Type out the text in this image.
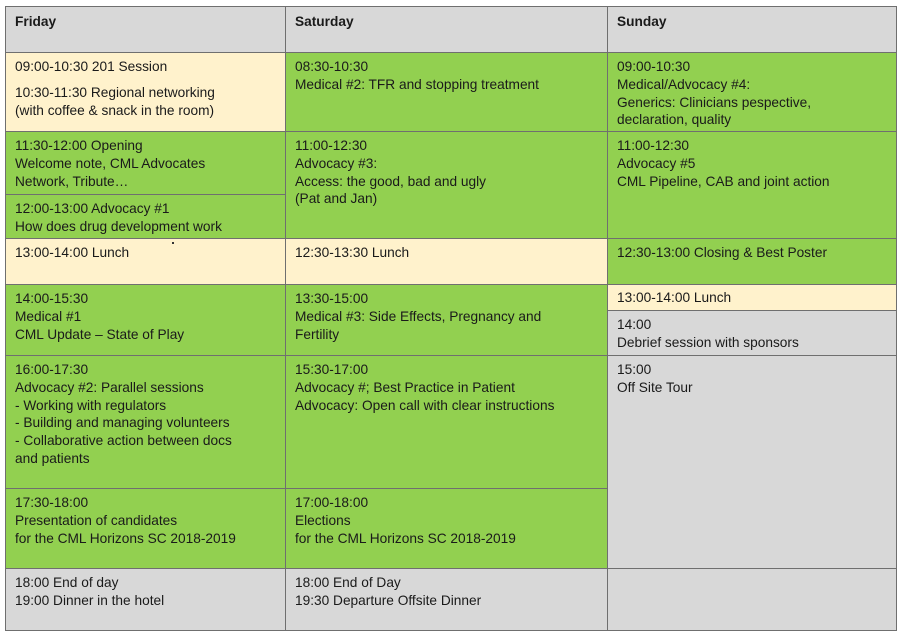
Friday	Saturday	Sunday
09:00-10:30 201 Session
10:30-11:30 Regional networking
(with coffee & snack in the room)
11:30-12:00 Opening
Welcome note, CML Advocates
Network, Tribute…
12:00-13:00 Advocacy #1
How does drug development work
13:00-14:00 Lunch
14:00-15:30
Medical #1
CML Update – State of Play
16:00-17:30
Advocacy #2: Parallel sessions
- Working with regulators
- Building and managing volunteers
- Collaborative action between docs
and patients
17:30-18:00
Presentation of candidates
for the CML Horizons SC 2018-2019
18:00 End of day
19:00 Dinner in the hotel
08:30-10:30
Medical #2: TFR and stopping treatment
11:00-12:30
Advocacy #3:
Access: the good, bad and ugly
(Pat and Jan)
12:30-13:30 Lunch
13:30-15:00
Medical #3: Side Effects, Pregnancy and
Fertility
15:30-17:00
Advocacy #; Best Practice in Patient
Advocacy: Open call with clear instructions
17:00-18:00
Elections
for the CML Horizons SC 2018-2019
18:00 End of Day
19:30 Departure Offsite Dinner
09:00-10:30
Medical/Advocacy #4:
Generics: Clinicians pespective,
declaration, quality
11:00-12:30
Advocacy #5
CML Pipeline, CAB and joint action
12:30-13:00 Closing & Best Poster
13:00-14:00 Lunch
14:00
Debrief session with sponsors
15:00
Off Site Tour
